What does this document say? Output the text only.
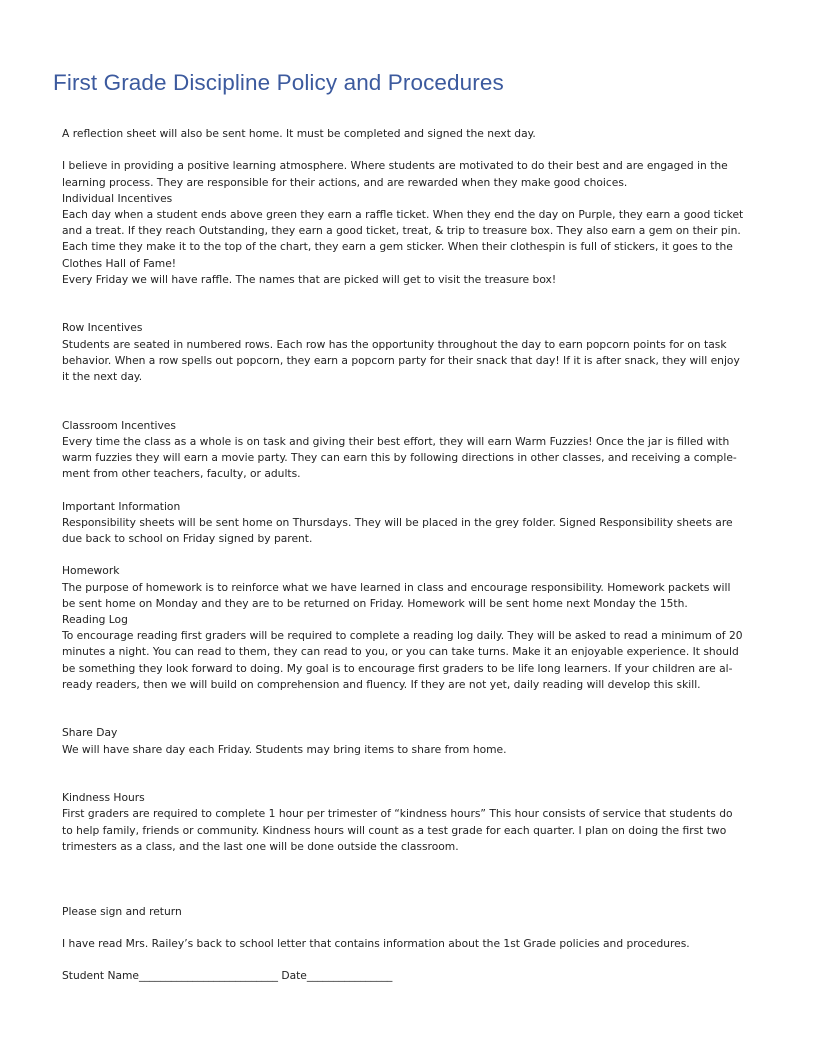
First Grade Discipline Policy and Procedures

A reflection sheet will also be sent home. It must be completed and signed the next day.

I believe in providing a positive learning atmosphere. Where students are motivated to do their best and are engaged in the

learning process. They are responsible for their actions, and are rewarded when they make good choices.

Individual Incentives

Each day when a student ends above green they earn a raffle ticket. When they end the day on Purple, they earn a good ticket

and a treat. If they reach Outstanding, they earn a good ticket, treat, & trip to treasure box. They also earn a gem on their pin.

Each time they make it to the top of the chart, they earn a gem sticker. When their clothespin is full of stickers, it goes to the

Clothes Hall of Fame!

Every Friday we will have raffle. The names that are picked will get to visit the treasure box!

Row Incentives

Students are seated in numbered rows. Each row has the opportunity throughout the day to earn popcorn points for on task

behavior. When a row spells out popcorn, they earn a popcorn party for their snack that day! If it is after snack, they will enjoy

it the next day.

Classroom Incentives

Every time the class as a whole is on task and giving their best effort, they will earn Warm Fuzzies! Once the jar is filled with

warm fuzzies they will earn a movie party. They can earn this by following directions in other classes, and receiving a comple-

ment from other teachers, faculty, or adults.

Important Information

Responsibility sheets will be sent home on Thursdays. They will be placed in the grey folder. Signed Responsibility sheets are

due back to school on Friday signed by parent.

Homework

The purpose of homework is to reinforce what we have learned in class and encourage responsibility. Homework packets will

be sent home on Monday and they are to be returned on Friday. Homework will be sent home next Monday the 15th.

Reading Log

To encourage reading first graders will be required to complete a reading log daily. They will be asked to read a minimum of 20

minutes a night. You can read to them, they can read to you, or you can take turns. Make it an enjoyable experience. It should

be something they look forward to doing. My goal is to encourage first graders to be life long learners. If your children are al-

ready readers, then we will build on comprehension and fluency. If they are not yet, daily reading will develop this skill.

Share Day

We will have share day each Friday. Students may bring items to share from home.

Kindness Hours

First graders are required to complete 1 hour per trimester of “kindness hours” This hour consists of service that students do

to help family, friends or community. Kindness hours will count as a test grade for each quarter. I plan on doing the first two

trimesters as a class, and the last one will be done outside the classroom.

Please sign and return

I have read Mrs. Railey’s back to school letter that contains information about the 1st Grade policies and procedures.

Student Name__________________________ Date________________
